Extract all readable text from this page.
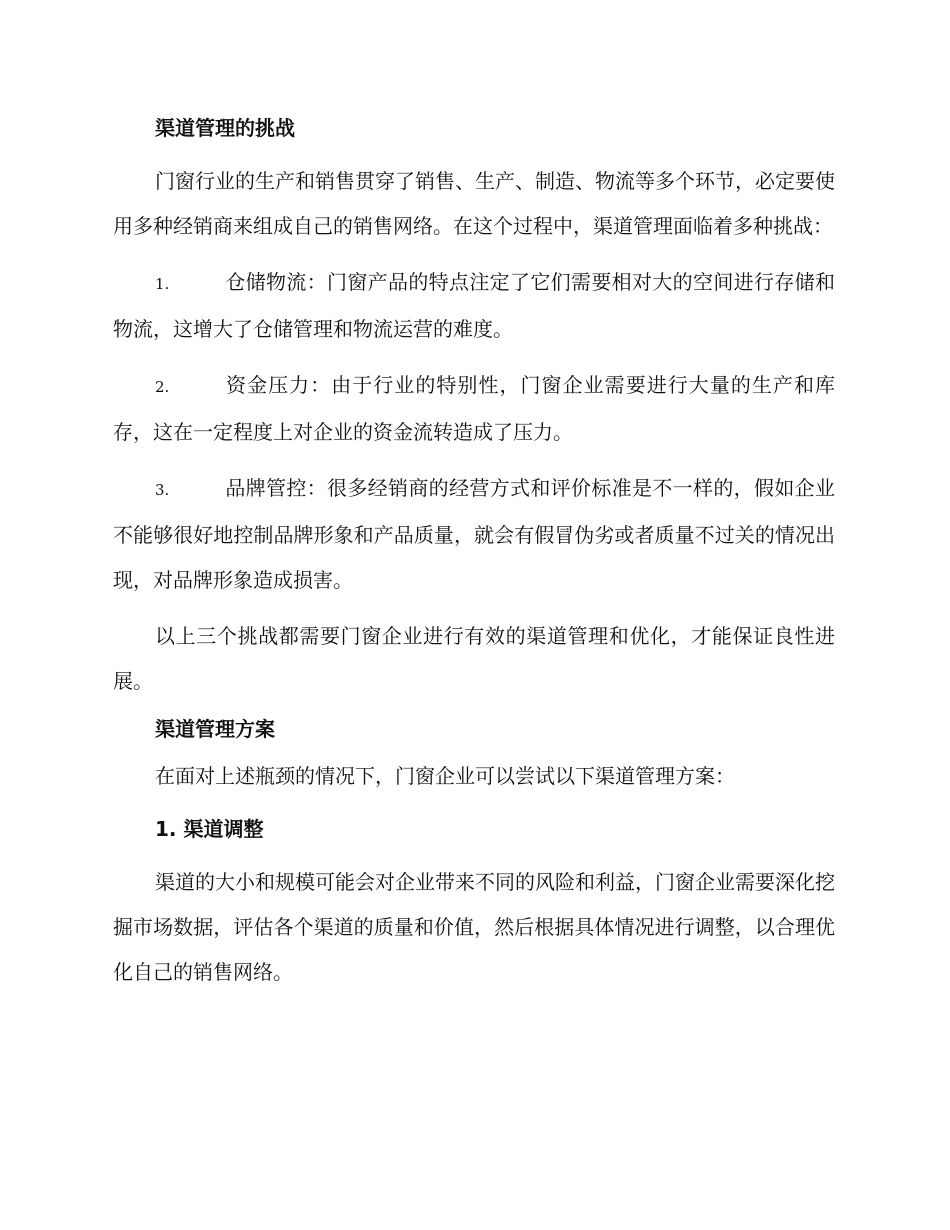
渠道管理的挑战

门窗行业的生产和销售贯穿了销售、生产、制造、物流等多个环节，必定要使用多种经销商来组成自己的销售网络。在这个过程中，渠道管理面临着多种挑战：

1.	仓储物流：门窗产品的特点注定了它们需要相对大的空间进行存储和物流，这增大了仓储管理和物流运营的难度。

2.	资金压力：由于行业的特别性，门窗企业需要进行大量的生产和库存，这在一定程度上对企业的资金流转造成了压力。

3.	品牌管控：很多经销商的经营方式和评价标准是不一样的，假如企业不能够很好地控制品牌形象和产品质量，就会有假冒伪劣或者质量不过关的情况出现，对品牌形象造成损害。

以上三个挑战都需要门窗企业进行有效的渠道管理和优化，才能保证良性进展。

渠道管理方案

在面对上述瓶颈的情况下，门窗企业可以尝试以下渠道管理方案：

1. 渠道调整

渠道的大小和规模可能会对企业带来不同的风险和利益，门窗企业需要深化挖掘市场数据，评估各个渠道的质量和价值，然后根据具体情况进行调整，以合理优化自己的销售网络。
